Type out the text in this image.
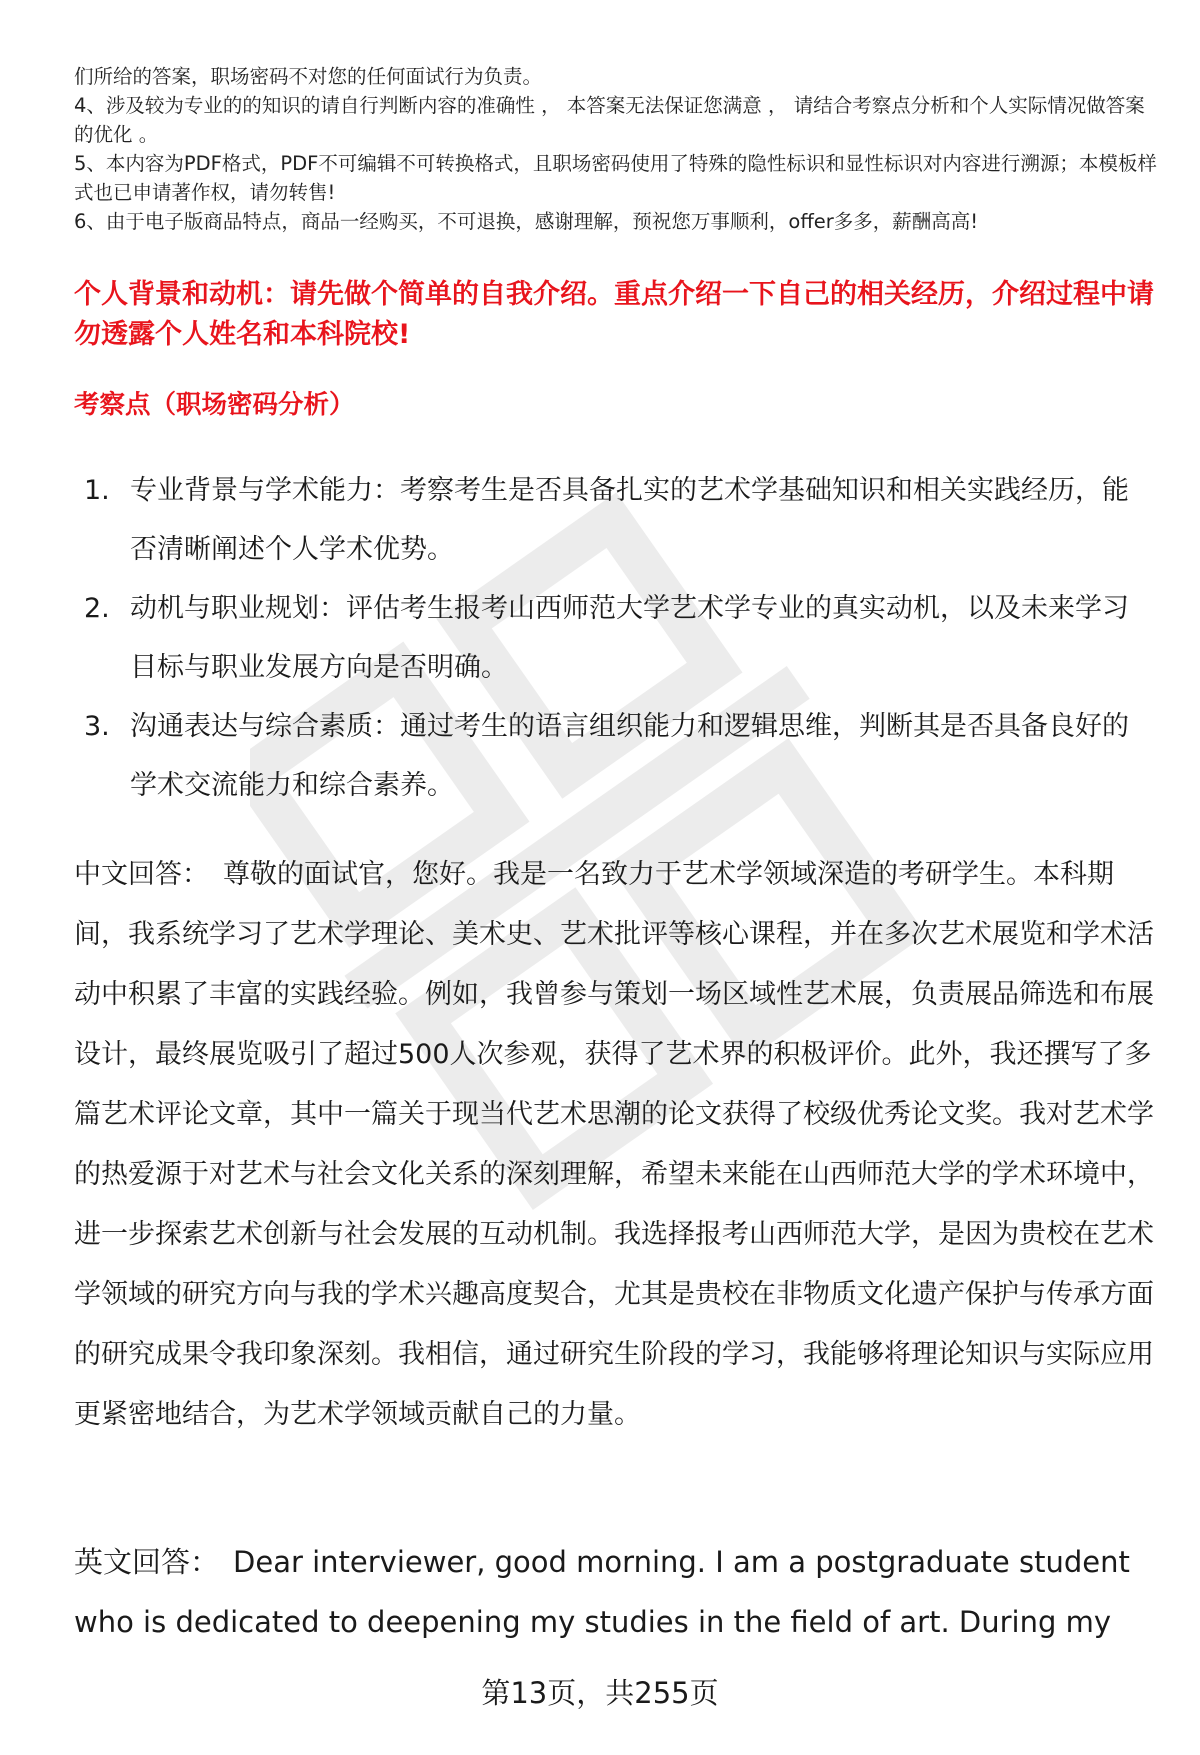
们所给的答案，职场密码不对您的任何面试行为负责。

4、涉及较为专业的的知识的请自行判断内容的准确性 ， 本答案无法保证您满意 ， 请结合考察点分析和个人实际情况做答案的优化 。

5、本内容为PDF格式，PDF不可编辑不可转换格式，且职场密码使用了特殊的隐性标识和显性标识对内容进行溯源；本模板样式也已申请著作权，请勿转售!

6、由于电子版商品特点，商品一经购买，不可退换，感谢理解，预祝您万事顺利，offer多多，薪酬高高!

个人背景和动机：请先做个简单的自我介绍。重点介绍一下自己的相关经历，介绍过程中请勿透露个人姓名和本科院校!
考察点（职场密码分析）
1. 专业背景与学术能力：考察考生是否具备扎实的艺术学基础知识和相关实践经历，能否清晰阐述个人学术优势。
2. 动机与职业规划：评估考生报考山西师范大学艺术学专业的真实动机，以及未来学习目标与职业发展方向是否明确。
3. 沟通表达与综合素质：通过考生的语言组织能力和逻辑思维，判断其是否具备良好的学术交流能力和综合素养。

中文回答： 尊敬的面试官，您好。我是一名致力于艺术学领域深造的考研学生。本科期间，我系统学习了艺术学理论、美术史、艺术批评等核心课程，并在多次艺术展览和学术活动中积累了丰富的实践经验。例如，我曾参与策划一场区域性艺术展，负责展品筛选和布展设计，最终展览吸引了超过500人次参观，获得了艺术界的积极评价。此外，我还撰写了多篇艺术评论文章，其中一篇关于现当代艺术思潮的论文获得了校级优秀论文奖。我对艺术学的热爱源于对艺术与社会文化关系的深刻理解，希望未来能在山西师范大学的学术环境中，进一步探索艺术创新与社会发展的互动机制。我选择报考山西师范大学，是因为贵校在艺术学领域的研究方向与我的学术兴趣高度契合，尤其是贵校在非物质文化遗产保护与传承方面的研究成果令我印象深刻。我相信，通过研究生阶段的学习，我能够将理论知识与实际应用更紧密地结合，为艺术学领域贡献自己的力量。

英文回答： Dear interviewer, good morning. I am a postgraduate student who is dedicated to deepening my studies in the field of art. During my

第13页，共255页
